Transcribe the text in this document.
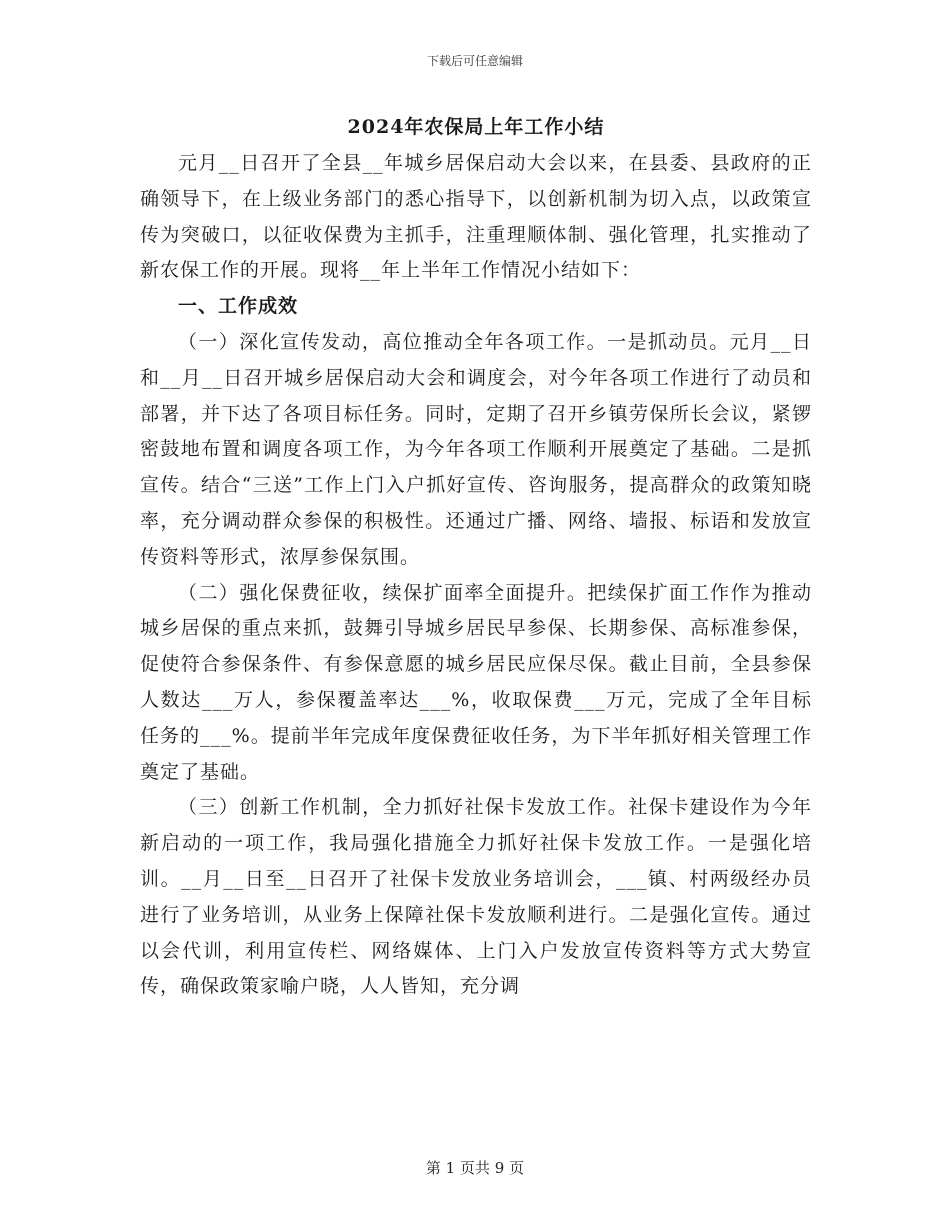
下载后可任意编辑
2024年农保局上年工作小结

元月__日召开了全县__年城乡居保启动大会以来，在县委、县政府的正确领导下，在上级业务部门的悉心指导下，以创新机制为切入点，以政策宣传为突破口，以征收保费为主抓手，注重理顺体制、强化管理，扎实推动了新农保工作的开展。现将__年上半年工作情况小结如下：

一、工作成效

（一）深化宣传发动，高位推动全年各项工作。一是抓动员。元月__日和__月__日召开城乡居保启动大会和调度会，对今年各项工作进行了动员和部署，并下达了各项目标任务。同时，定期了召开乡镇劳保所长会议，紧锣密鼓地布置和调度各项工作，为今年各项工作顺利开展奠定了基础。二是抓宣传。结合“三送”工作上门入户抓好宣传、咨询服务，提高群众的政策知晓率，充分调动群众参保的积极性。还通过广播、网络、墙报、标语和发放宣传资料等形式，浓厚参保氛围。

（二）强化保费征收，续保扩面率全面提升。把续保扩面工作作为推动城乡居保的重点来抓，鼓舞引导城乡居民早参保、长期参保、高标准参保，促使符合参保条件、有参保意愿的城乡居民应保尽保。截止目前，全县参保人数达___万人，参保覆盖率达___%，收取保费___万元，完成了全年目标任务的___%。提前半年完成年度保费征收任务，为下半年抓好相关管理工作奠定了基础。

（三）创新工作机制，全力抓好社保卡发放工作。社保卡建设作为今年新启动的一项工作，我局强化措施全力抓好社保卡发放工作。一是强化培训。__月__日至__日召开了社保卡发放业务培训会，___镇、村两级经办员进行了业务培训，从业务上保障社保卡发放顺利进行。二是强化宣传。通过以会代训，利用宣传栏、网络媒体、上门入户发放宣传资料等方式大势宣传，确保政策家喻户晓，人人皆知，充分调

第 1 页共 9 页
